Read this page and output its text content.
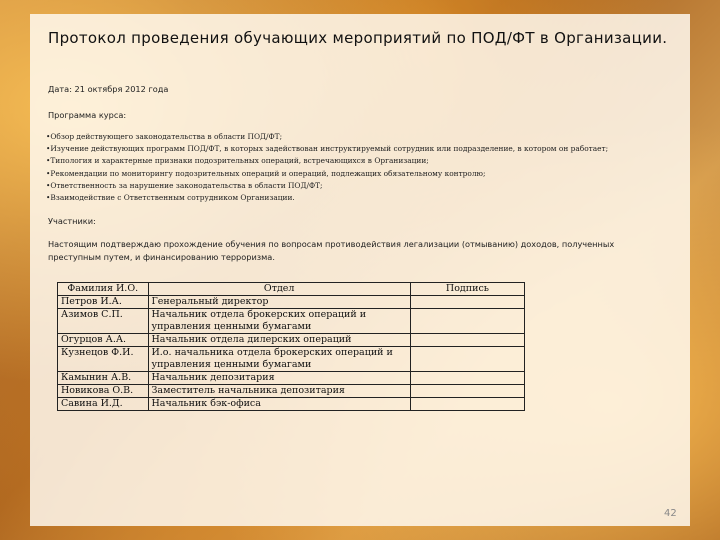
Протокол проведения обучающих мероприятий по ПОД/ФТ в Организации.
Дата: 21 октября 2012 года
Программа курса:
•Обзор действующего законодательства в области ПОД/ФТ;
•Изучение действующих программ ПОД/ФТ, в которых задействован инструктируемый сотрудник или подразделение, в котором он работает;
•Типология и характерные признаки подозрительных операций, встречающихся в Организации;
•Рекомендации по мониторингу подозрительных операций и операций, подлежащих обязательному контролю;
•Ответственность за нарушение законодательства в области ПОД/ФТ;
•Взаимодействие с Ответственным сотрудником Организации.
Участники:
Настоящим подтверждаю прохождение обучения по вопросам противодействия легализации (отмыванию) доходов, полученных преступным путем, и финансированию терроризма.
Фамилия И.О.	Отдел	Подпись
Петров И.А.	Генеральный директор	
Азимов С.П.	Начальник отдела брокерских операций и управления ценными бумагами	
Огурцов А.А.	Начальник отдела дилерских операций	
Кузнецов Ф.И.	И.о. начальника отдела брокерских операций и управления ценными бумагами	
Камынин А.В.	Начальник депозитария	
Новикова О.В.	Заместитель начальника депозитария	
Савина И.Д.	Начальник бэк-офиса	
42
